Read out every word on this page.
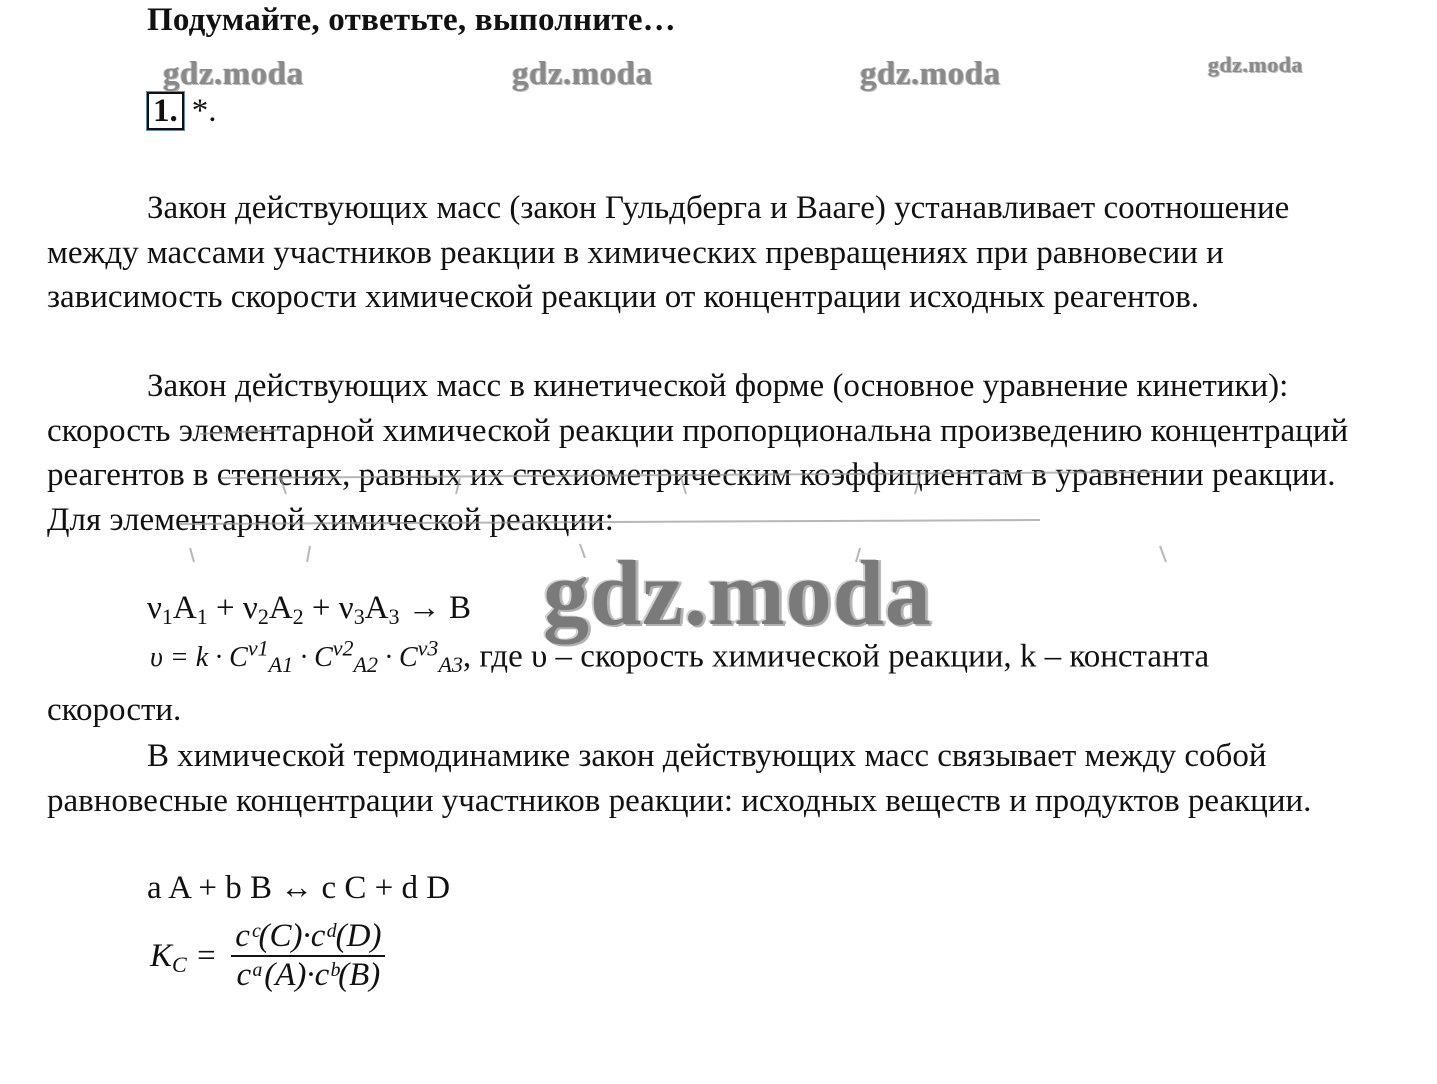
Подумайте, ответьте, выполните…
gdz.moda	gdz.moda	gdz.moda	gdz.moda
1. *.

Закон действующих масс (закон Гульдберга и Вааге) устанавливает соотношение между массами участников реакции в химических превращениях при равновесии и зависимость скорости химической реакции от концентрации исходных реагентов.

Закон действующих масс в кинетической форме (основное уравнение кинетики): скорость элементарной химической реакции пропорциональна произведению концентраций реагентов в степенях, равных их стехиометрическим коэффициентам в уравнении реакции. Для элементарной химической реакции:

gdz.moda
$\nu_1A_1 + \nu_2A_2 + \nu_3A_3 \to B$
$\upsilon = k \cdot C^{\nu 1}_{A1} \cdot C^{\nu 2}_{A2} \cdot C^{\nu 3}_{A3}$, где υ – скорость химической реакции, k – константа
скорости.

В химической термодинамике закон действующих масс связывает между собой равновесные концентрации участников реакции: исходных веществ и продуктов реакции.

a A + b B ↔ c C + d D
$K_C = \frac{\text{cᶜ(C)·cᵈ(D)}}{\text{cᵃ(A)·cᵇ(B)}}$
